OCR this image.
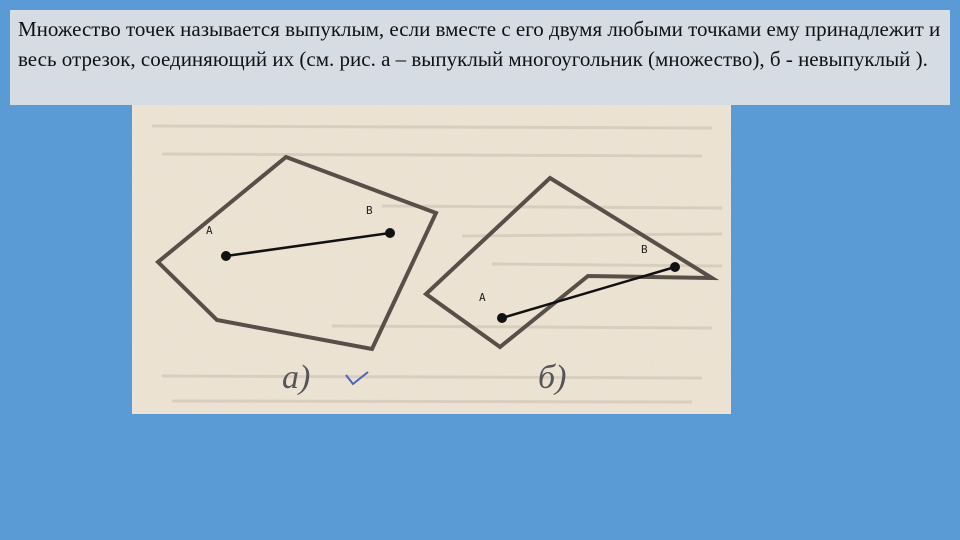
Множество точек называется выпуклым, если вместе с его двумя любыми точками ему принадлежит и весь отрезок, соединяющий их (см. рис. а – выпуклый многоугольник (множество), б - невыпуклый ).

A
B
а)
A
B
б)
